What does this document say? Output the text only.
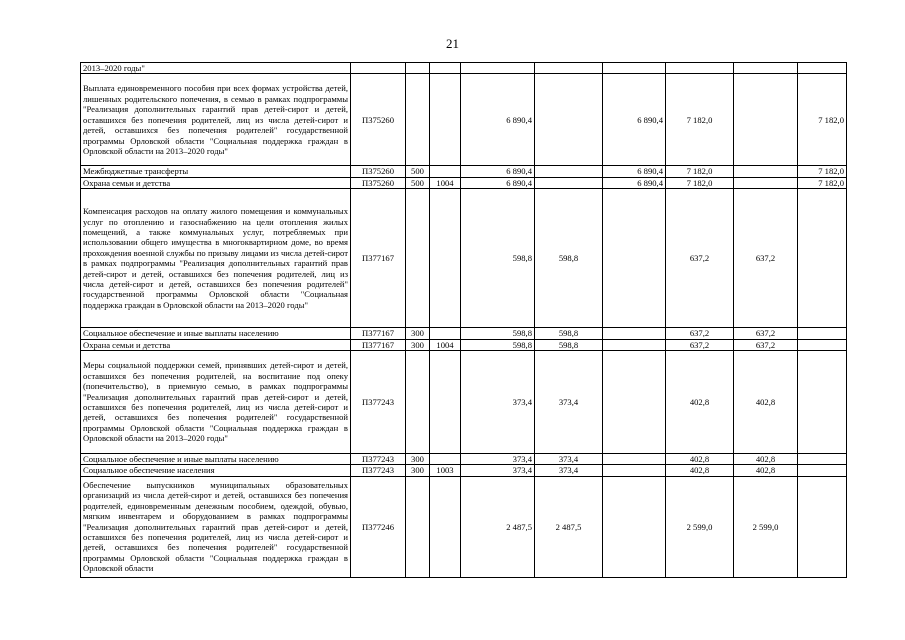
21
2013–2020 годы"									
Выплата единовременного пособия при всех формах устройства детей, лишенных родительского попечения, в семью в рамках подпрограммы "Реализация дополнительных гарантий прав детей-сирот и детей, оставшихся без попечения родителей, лиц из числа детей-сирот и детей, оставшихся без попечения родителей" государственной программы Орловской области "Социальная поддержка граждан в Орловской области на 2013–2020 годы"	П375260			6 890,4		6 890,4	7 182,0		7 182,0
Межбюджетные трансферты	П375260	500		6 890,4		6 890,4	7 182,0		7 182,0
Охрана семьи и детства	П375260	500	1004	6 890,4		6 890,4	7 182,0		7 182,0
Компенсация расходов на оплату жилого помещения и коммунальных услуг по отоплению и газоснабжению на цели отопления жилых помещений, а также коммунальных услуг, потребляемых при использовании общего имущества в многоквартирном доме, во время прохождения военной службы по призыву лицами из числа детей-сирот в рамках подпрограммы "Реализация дополнительных гарантий прав детей-сирот и детей, оставшихся без попечения родителей, лиц из числа детей-сирот и детей, оставшихся без попечения родителей" государственной программы Орловской области "Социальная поддержка граждан в Орловской области на 2013–2020 годы"	П377167			598,8	598,8		637,2	637,2	
Социальное обеспечение и иные выплаты населению	П377167	300		598,8	598,8		637,2	637,2	
Охрана семьи и детства	П377167	300	1004	598,8	598,8		637,2	637,2	
Меры социальной поддержки семей, принявших детей-сирот и детей, оставшихся без попечения родителей, на воспитание под опеку (попечительство), в приемную семью, в рамках подпрограммы "Реализация дополнительных гарантий прав детей-сирот и детей, оставшихся без попечения родителей, лиц из числа детей-сирот и детей, оставшихся без попечения родителей" государственной программы Орловской области "Социальная поддержка граждан в Орловской области на 2013–2020 годы"	П377243			373,4	373,4		402,8	402,8	
Социальное обеспечение и иные выплаты населению	П377243	300		373,4	373,4		402,8	402,8	
Социальное обеспечение населения	П377243	300	1003	373,4	373,4		402,8	402,8	
Обеспечение выпускников муниципальных образовательных организаций из числа детей-сирот и детей, оставшихся без попечения родителей, единовременным денежным пособием, одеждой, обувью, мягким инвентарем и оборудованием в рамках подпрограммы "Реализация дополнительных гарантий прав детей-сирот и детей, оставшихся без попечения родителей, лиц из числа детей-сирот и детей, оставшихся без попечения родителей" государственной программы Орловской области "Социальная поддержка граждан в Орловской области	П377246			2 487,5	2 487,5		2 599,0	2 599,0	
